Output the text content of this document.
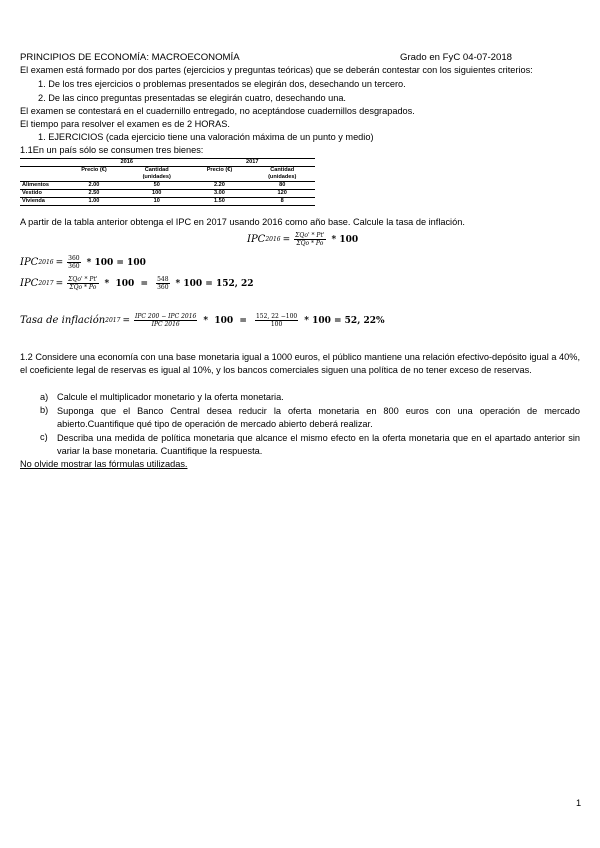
PRINCIPIOS DE ECONOMÍA: MACROECONOMÍA	Grado en FyC 04-07-2018
El examen está formado por dos partes (ejercicios y preguntas teóricas) que se deberán contestar con los siguientes criterios:
1. De los tres ejercicios o problemas presentados se elegirán dos, desechando un tercero.
2. De las cinco preguntas presentadas se elegirán cuatro, desechando una.
El examen se contestará en el cuadernillo entregado, no aceptándose cuadernillos desgrapados.
El tiempo para resolver el examen es de 2 HORAS.
1. EJERCICIOS (cada ejercicio tiene una valoración máxima de un punto y medio)
1.1En un país sólo se consumen tres bienes:
	2016		2017	
	Precio (€)	Cantidad	Precio (€)	Cantidad
		(unidades)		(unidades)
Alimentos	2.00	50	2.20	80
Vestido	2.50	100	3.00	120
Vivienda	1.00	10	1.50	8
A partir de la tabla anterior obtenga el IPC en 2017 usando 2016 como año base. Calcule la tasa de inflación.
IPC $2016 = \frac{\text{ΣQo' * Pt'}}{\text{ΣQo * Po}} * 100$
IPC $2016 = \frac{360}{360} * 100 = 100$
IPC $2017 = \frac{\text{ΣQo' * Pt'}}{\text{ΣQo * Po}} * 100 = \frac{548}{360} * 100 = 152$, 22
Tasa de inflación $2017 = \frac{\text{IPC 200 − IPC 2016}}{\text{IPC 2016}} * 100 = \frac{152, 22 -100}{100} * 100 = 52$, 22%
1.2 Considere una economía con una base monetaria igual a 1000 euros, el público mantiene una relación efectivo-depósito igual a 40%, el coeficiente legal de reservas es igual al 10%, y los bancos comerciales siguen una política de no tener exceso de reservas.
a) Calcule el multiplicador monetario y la oferta monetaria.
b) Suponga que el Banco Central desea reducir la oferta monetaria en 800 euros con una operación de mercado abierto.Cuantifique qué tipo de operación de mercado abierto deberá realizar.
c) Describa una medida de política monetaria que alcance el mismo efecto en la oferta monetaria que en el apartado anterior sin variar la base monetaria. Cuantifique la respuesta.
No olvide mostrar las fórmulas utilizadas.
1
